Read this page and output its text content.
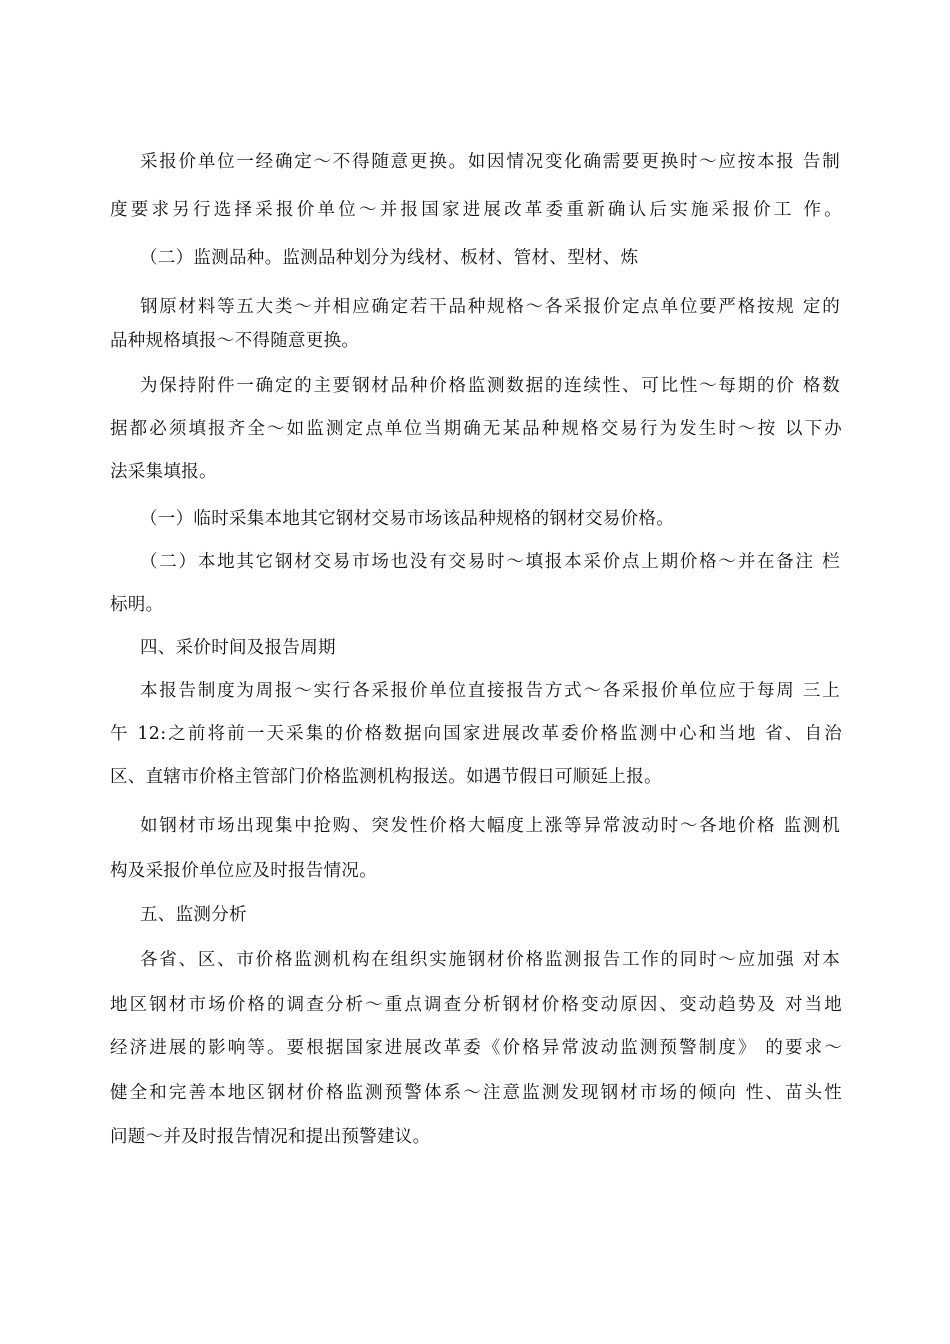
采报价单位一经确定〜不得随意更换。如因情况变化确需要更换时〜应按本报 告制
度要求另行选择采报价单位〜并报国家进展改革委重新确认后实施采报价工 作。
（二）监测品种。监测品种划分为线材、板材、管材、型材、炼
钢原材料等五大类〜并相应确定若干品种规格〜各采报价定点单位要严格按规 定的
品种规格填报〜不得随意更换。
为保持附件一确定的主要钢材品种价格监测数据的连续性、可比性〜每期的价 格数
据都必须填报齐全〜如监测定点单位当期确无某品种规格交易行为发生时〜按 以下办
法采集填报。
（一）临时采集本地其它钢材交易市场该品种规格的钢材交易价格。
（二）本地其它钢材交易市场也没有交易时〜填报本采价点上期价格〜并在备注 栏
标明。
四、采价时间及报告周期
本报告制度为周报〜实行各采报价单位直接报告方式〜各采报价单位应于每周 三上
午 12:之前将前一天采集的价格数据向国家进展改革委价格监测中心和当地 省、自治
区、直辖市价格主管部门价格监测机构报送。如遇节假日可顺延上报。
如钢材市场出现集中抢购、突发性价格大幅度上涨等异常波动时〜各地价格 监测机
构及采报价单位应及时报告情况。
五、监测分析
各省、区、市价格监测机构在组织实施钢材价格监测报告工作的同时〜应加强 对本
地区钢材市场价格的调查分析〜重点调查分析钢材价格变动原因、变动趋势及 对当地
经济进展的影响等。要根据国家进展改革委《价格异常波动监测预警制度》 的要求〜
健全和完善本地区钢材价格监测预警体系〜注意监测发现钢材市场的倾向 性、苗头性
问题〜并及时报告情况和提出预警建议。
